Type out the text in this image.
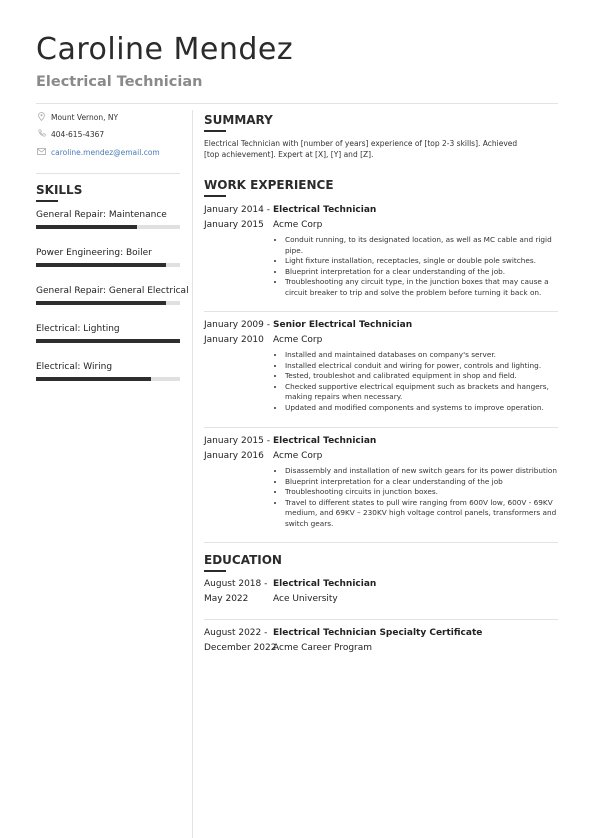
Caroline Mendez
Electrical Technician
Mount Vernon, NY
404-615-4367
caroline.mendez@email.com
SKILLS
General Repair: Maintenance
Power Engineering: Boiler
General Repair: General Electrical
Electrical: Lighting
Electrical: Wiring
SUMMARY
Electrical Technician with [number of years] experience of [top 2-3 skills]. Achieved [top achievement]. Expert at [X], [Y] and [Z].
WORK EXPERIENCE
January 2014 -
January 2015
Electrical Technician
Acme Corp
• Conduit running, to its designated location, as well as MC cable and rigid pipe.
• Light fixture installation, receptacles, single or double pole switches.
• Blueprint interpretation for a clear understanding of the job.
• Troubleshooting any circuit type, in the junction boxes that may cause a circuit breaker to trip and solve the problem before turning it back on.
January 2009 -
January 2010
Senior Electrical Technician
Acme Corp
• Installed and maintained databases on company's server.
• Installed electrical conduit and wiring for power, controls and lighting.
• Tested, troubleshot and calibrated equipment in shop and field.
• Checked supportive electrical equipment such as brackets and hangers, making repairs when necessary.
• Updated and modified components and systems to improve operation.
January 2015 -
January 2016
Electrical Technician
Acme Corp
• Disassembly and installation of new switch gears for its power distribution
• Blueprint interpretation for a clear understanding of the job
• Troubleshooting circuits in junction boxes.
• Travel to different states to pull wire ranging from 600V low, 600V - 69KV medium, and 69KV – 230KV high voltage control panels, transformers and switch gears.
EDUCATION
August 2018 -
May 2022
Electrical Technician
Ace University
August 2022 -
December 2022
Electrical Technician Specialty Certificate
Acme Career Program
